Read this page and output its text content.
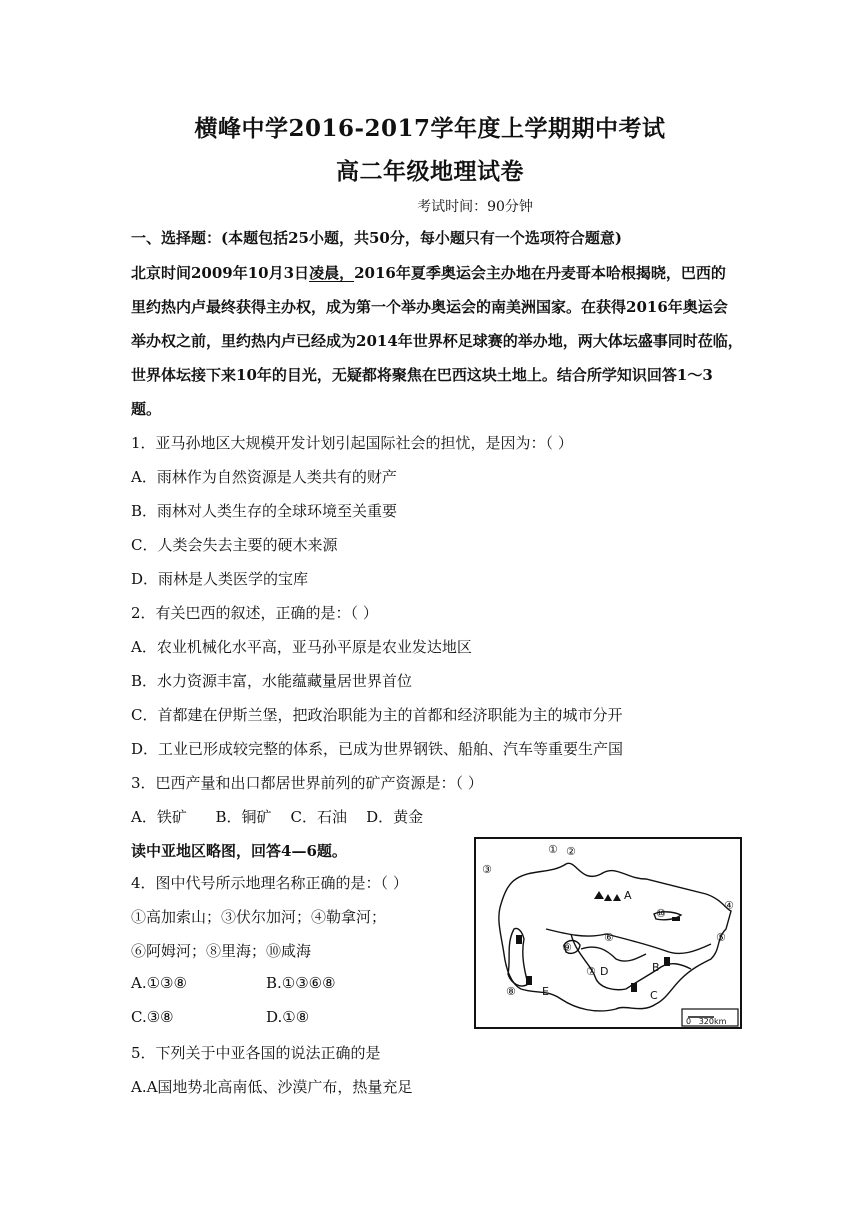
横峰中学2016-2017学年度上学期期中考试
高二年级地理试卷
考试时间：90分钟
一、选择题：(本题包括25小题，共50分，每小题只有一个选项符合题意)
北京时间2009年10月3日凌晨，2016年夏季奥运会主办地在丹麦哥本哈根揭晓，巴西的
里约热内卢最终获得主办权，成为第一个举办奥运会的南美洲国家。在获得2016年奥运会
举办权之前，里约热内卢已经成为2014年世界杯足球赛的举办地，两大体坛盛事同时莅临，
世界体坛接下来10年的目光，无疑都将聚焦在巴西这块土地上。结合所学知识回答1～3
题。
1．亚马孙地区大规模开发计划引起国际社会的担忧，是因为：（ ）
A．雨林作为自然资源是人类共有的财产
B．雨林对人类生存的全球环境至关重要
C．人类会失去主要的硬木来源
D．雨林是人类医学的宝库
2．有关巴西的叙述，正确的是：（ ）
A．农业机械化水平高，亚马孙平原是农业发达地区
B．水力资源丰富，水能蕴藏量居世界首位
C．首都建在伊斯兰堡，把政治职能为主的首都和经济职能为主的城市分开
D．工业已形成较完整的体系，已成为世界钢铁、船舶、汽车等重要生产国
3．巴西产量和出口都居世界前列的矿产资源是：（ ）
A．铁矿      B．铜矿    C．石油    D．黄金
读中亚地区略图，回答4—6题。
4．图中代号所示地理名称正确的是：（ ）
①高加索山；③伏尔加河；④勒拿河；
⑥阿姆河；⑧里海；⑩咸海
A.①③⑧	B.①③⑥⑧
C.③⑧	D.①⑧
5．下列关于中亚各国的说法正确的是
A.A国地势北高南低、沙漠广布，热量充足
③
① ②
④
⑩
⑤
⑥
⑨
⑦
⑧
A
B
C
D
E
0   320km
